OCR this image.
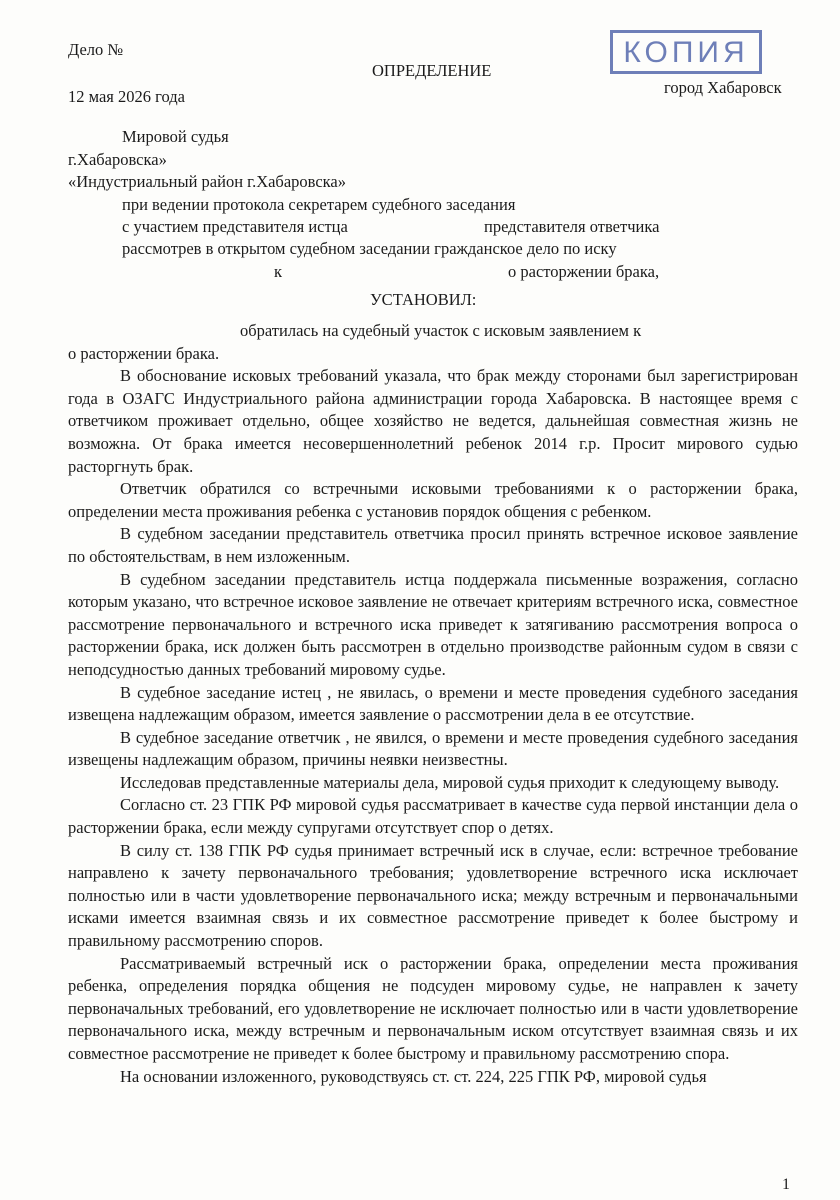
Дело №	КОПИЯ
ОПРЕДЕЛЕНИЕ
12 мая 2026 года	город Хабаровск
Мировой судья
г.Хабаровска»
«Индустриальный район г.Хабаровска»
при ведении протокола секретарем судебного заседания
с участием представителя истца	представителя ответчика
рассмотрев в открытом судебном заседании гражданское дело по иску
к	о расторжении брака,
УСТАНОВИЛ:

обратилась на судебный участок с исковым заявлением к

о расторжении брака.

В обоснование исковых требований указала, что брак между сторонами был зарегистрирован года в ОЗАГС Индустриального района администрации города Хабаровска. В настоящее время с ответчиком проживает отдельно, общее хозяйство не ведется, дальнейшая совместная жизнь не возможна. От брака имеется несовершеннолетний ребенок 2014 г.р. Просит мирового судью расторгнуть брак.

Ответчик обратился со встречными исковыми требованиями к о расторжении брака, определении места проживания ребенка с установив порядок общения с ребенком.

В судебном заседании представитель ответчика просил принять встречное исковое заявление по обстоятельствам, в нем изложенным.

В судебном заседании представитель истца поддержала письменные возражения, согласно которым указано, что встречное исковое заявление не отвечает критериям встречного иска, совместное рассмотрение первоначального и встречного иска приведет к затягиванию рассмотрения вопроса о расторжении брака, иск должен быть рассмотрен в отдельно производстве районным судом в связи с неподсудностью данных требований мировому судье.

В судебное заседание истец , не явилась, о времени и месте проведения судебного заседания извещена надлежащим образом, имеется заявление о рассмотрении дела в ее отсутствие.

В судебное заседание ответчик , не явился, о времени и месте проведения судебного заседания извещены надлежащим образом, причины неявки неизвестны.

Исследовав представленные материалы дела, мировой судья приходит к следующему выводу.

Согласно ст. 23 ГПК РФ мировой судья рассматривает в качестве суда первой инстанции дела о расторжении брака, если между супругами отсутствует спор о детях.

В силу ст. 138 ГПК РФ судья принимает встречный иск в случае, если: встречное требование направлено к зачету первоначального требования; удовлетворение встречного иска исключает полностью или в части удовлетворение первоначального иска; между встречным и первоначальными исками имеется взаимная связь и их совместное рассмотрение приведет к более быстрому и правильному рассмотрению споров.

Рассматриваемый встречный иск о расторжении брака, определении места проживания ребенка, определения порядка общения не подсуден мировому судье, не направлен к зачету первоначальных требований, его удовлетворение не исключает полностью или в части удовлетворение первоначального иска, между встречным и первоначальным иском отсутствует взаимная связь и их совместное рассмотрение не приведет к более быстрому и правильному рассмотрению спора.

На основании изложенного, руководствуясь ст. ст. 224, 225 ГПК РФ, мировой судья

1
